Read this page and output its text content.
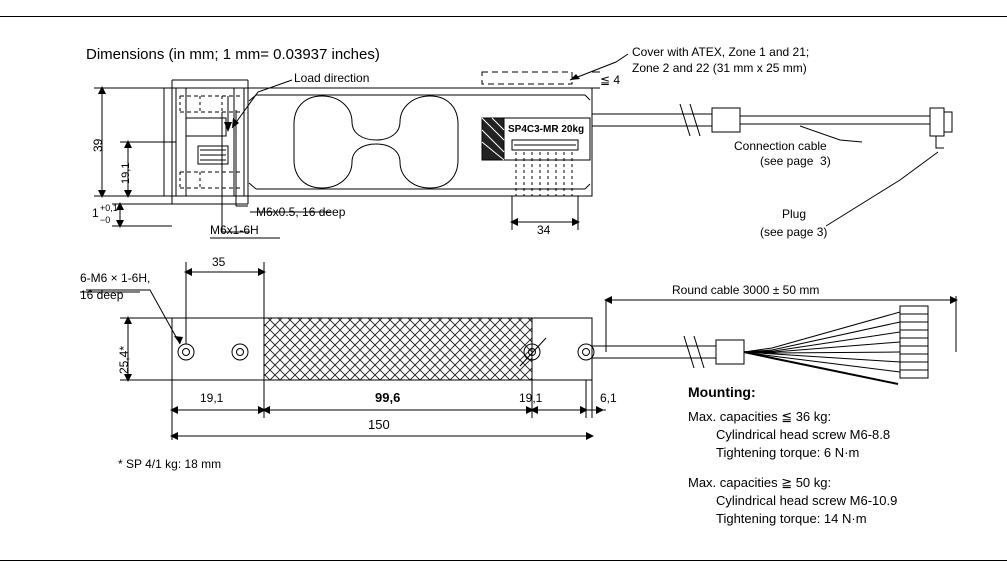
Dimensions (in mm; 1 mm= 0.03937 inches)	Cover with ATEX, Zone 1 and 21;
Zone 2 and 22 (31 mm x 25 mm)
≦ 4
Load direction
SP4C3-MR 20kg
Connection cable
(see page  3)
Plug
(see page 3)
39
19,1
1 +0,1
−0
M6x0.5, 16 deep
M6x1-6H	34
6-M6 × 1-6H,
16 deep
35
25,4*
19,1	99,6	19,1	6,1
150
Round cable 3000 ± 50 mm
* SP 4/1 kg: 18 mm
Mounting:
Max. capacities ≦ 36 kg:
Cylindrical head screw M6-8.8
Tightening torque: 6 N·m
Max. capacities ≧ 50 kg:
Cylindrical head screw M6-10.9
Tightening torque: 14 N·m
